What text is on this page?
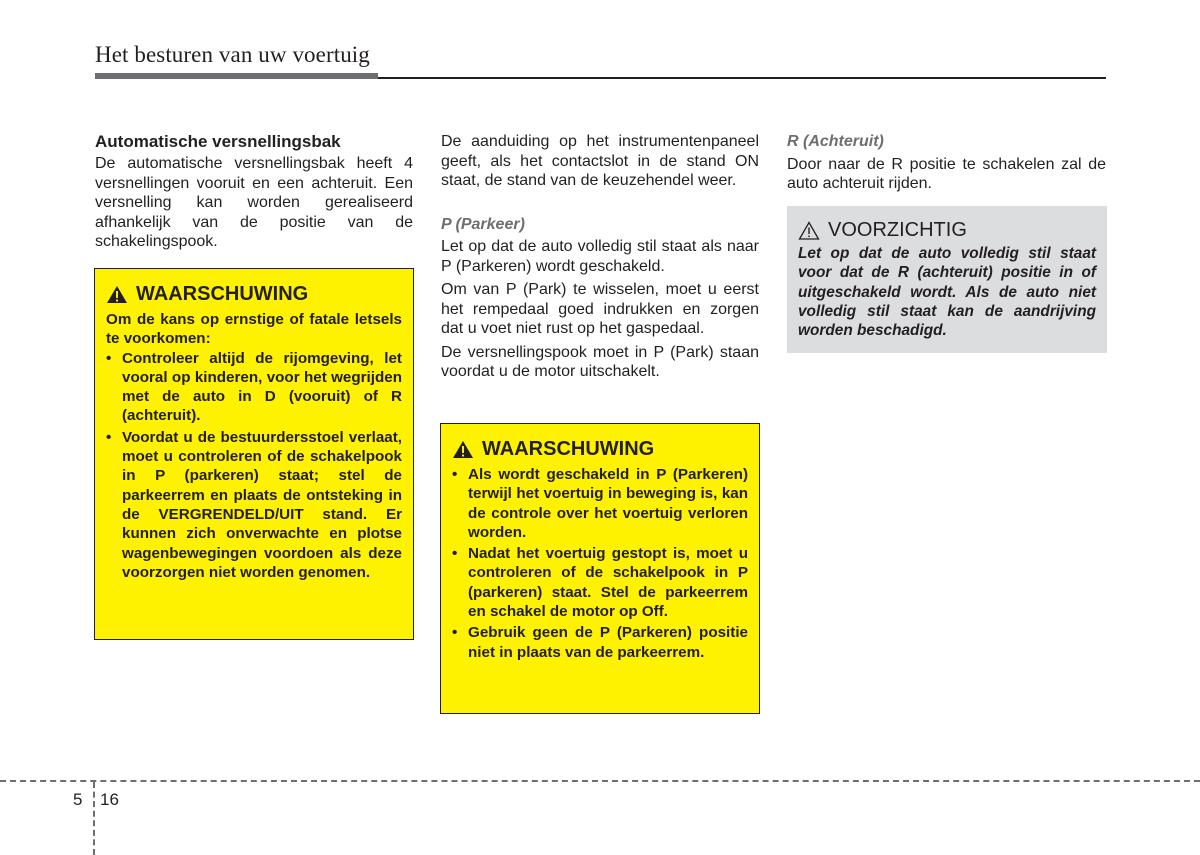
Het besturen van uw voertuig
Automatische versnellingsbak

De automatische versnellingsbak heeft 4 versnellingen vooruit en een achteruit. Een versnelling kan worden gerealiseerd afhankelijk van de positie van de schakelingspook.

WAARSCHUWING

Om de kans op ernstige of fatale letsels te voorkomen:

• Controleer altijd de rijomgeving, let vooral op kinderen, voor het wegrijden met de auto in D (vooruit) of R (achteruit).
• Voordat u de bestuurdersstoel verlaat, moet u controleren of de schakelpook in P (parkeren) staat; stel de parkeerrem en plaats de ontsteking in de VERGRENDELD/UIT stand. Er kunnen zich onverwachte en plotse wagenbewegingen voordoen als deze voorzorgen niet worden genomen.

De aanduiding op het instrumentenpaneel geeft, als het contactslot in de stand ON staat, de stand van de keuzehendel weer.

P (Parkeer)

Let op dat de auto volledig stil staat als naar P (Parkeren) wordt geschakeld.

Om van P (Park) te wisselen, moet u eerst het rempedaal goed indrukken en zorgen dat u voet niet rust op het gaspedaal.

De versnellingspook moet in P (Park) staan voordat u de motor uitschakelt.

WAARSCHUWING
• Als wordt geschakeld in P (Parkeren) terwijl het voertuig in beweging is, kan de controle over het voertuig verloren worden.
• Nadat het voertuig gestopt is, moet u controleren of de schakelpook in P (parkeren) staat. Stel de parkeerrem en schakel de motor op Off.
• Gebruik geen de P (Parkeren) positie niet in plaats van de parkeerrem.
R (Achteruit)

Door naar de R positie te schakelen zal de auto achteruit rijden.

VOORZICHTIG

Let op dat de auto volledig stil staat voor dat de R (achteruit) positie in of uitgeschakeld wordt. Als de auto niet volledig stil staat kan de aandrijving worden beschadigd.

5 16
